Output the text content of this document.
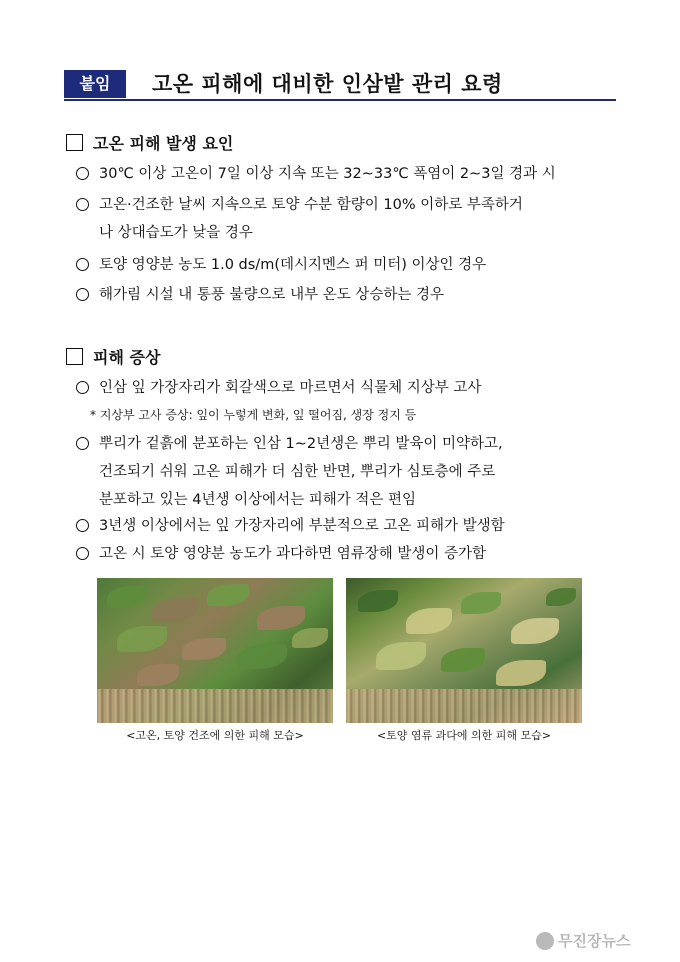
붙임	고온 피해에 대비한 인삼밭 관리 요령
고온 피해 발생 요인
30℃ 이상 고온이 7일 이상 지속 또는 32∼33℃ 폭염이 2∼3일 경과 시
고온·건조한 날씨 지속으로 토양 수분 함량이 10% 이하로 부족하거
나 상대습도가 낮을 경우
토양 영양분 농도 1.0 ds/m(데시지멘스 퍼 미터) 이상인 경우
해가림 시설 내 통풍 불량으로 내부 온도 상승하는 경우
피해 증상
인삼 잎 가장자리가 회갈색으로 마르면서 식물체 지상부 고사
* 지상부 고사 증상: 잎이 누렇게 변화, 잎 떨어짐, 생장 정지 등
뿌리가 겉흙에 분포하는 인삼 1∼2년생은 뿌리 발육이 미약하고,
건조되기 쉬워 고온 피해가 더 심한 반면, 뿌리가 심토층에 주로
분포하고 있는 4년생 이상에서는 피해가 적은 편임
3년생 이상에서는 잎 가장자리에 부분적으로 고온 피해가 발생함
고온 시 토양 영양분 농도가 과다하면 염류장해 발생이 증가함
<고온, 토양 건조에 의한 피해 모습>	<토양 염류 과다에 의한 피해 모습>
무진장뉴스
